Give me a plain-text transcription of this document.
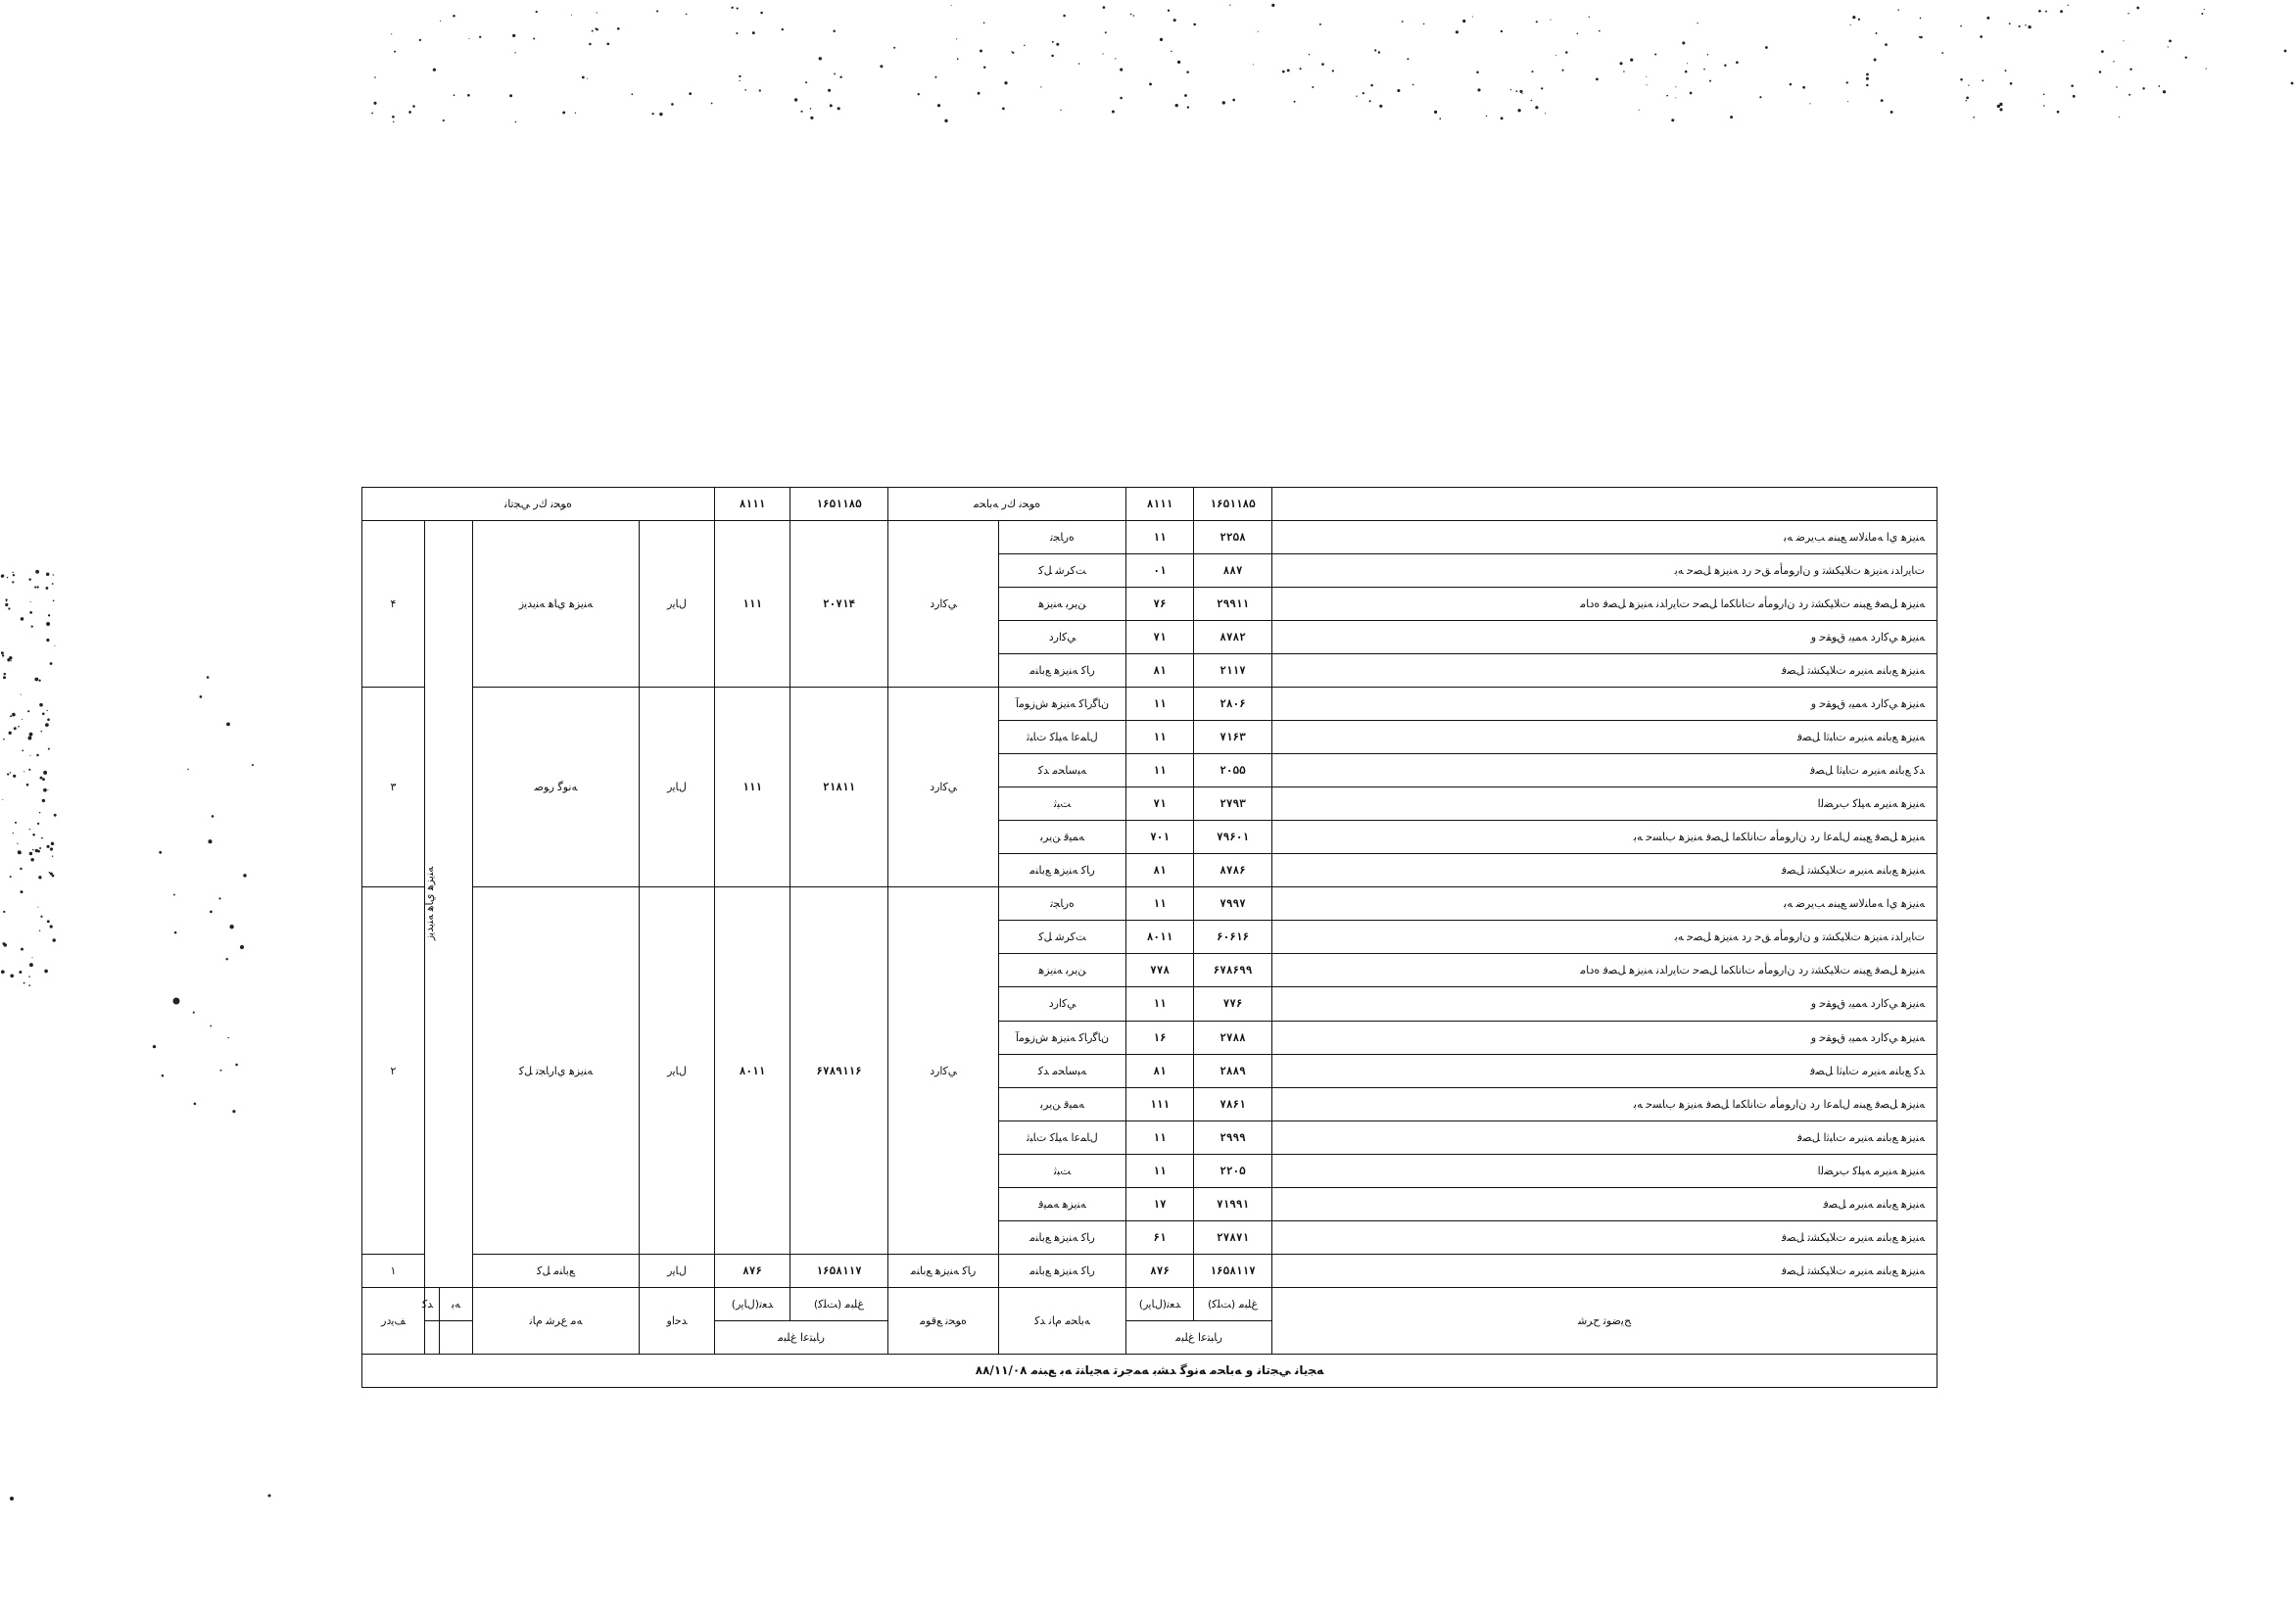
	۱۶۵۱۱۸۵	۸۱۱۱	ﻩﻮﺤﻧ ﻙﺭ ﻪﺑﺎﺤﻣ		۱۶۵۱۱۸۵	۸۱۱۱	ﻩﻮﺤﻧ ﻙﺭ ﻲﺠﺗﺎﻧ				
ﻪﻨﯾﺰﻫ ﻱﺍ ﻪﻣﺎﻨﻟﺎﺳ ﻊﺒﻨﻣ ﺐﯾﺮﺿ ﻪﺑ	۲۲۵۸	۱۱	ﻩﺭﺎﺠﺗ	ﻲﻛﺍﺭﺩ	۲۰۷۱۴	۱۱۱	ﻝﺎﯾﺭ	ﻪﻨﯾﺰﻫ ﻱﺎﻫ ﻪﻨﯾﺪﻳﺯ	ﻪﻨﯾﺰﻫ ﻱﺎﻫ ﻪﻨﯾﺪﻳﺯ		۴
ﺕﺎﯾﺭﺍﺪﻧ ﻪﻨﯾﺰﻫ ﺕﻼﯿﻜﺸﺗ ﻭ ﻥﺍﺭﻮﻣﺄﻣ ﻖﺣ ﺭﺩ ﻪﻨﯾﺰﻫ ﻞﺼﺣ ﻪﺑ	۸۸۷	۰۱	ﺖﻛﺮﺷ ﻞﻛ								
ﻪﻨﯾﺰﻫ ﻞﺼﻓ ﻊﺒﻨﻣ ﺕﻼﯿﻜﺸﺗ ﺭﺩ ﻥﺍﺭﻮﻣﺄﻣ ﺕﺎﻧﺎﻜﻣﺍ ﻞﺼﺣ ﺕﺎﯾﺭﺍﺪﻧ ﻪﻨﯾﺰﻫ ﻞﺼﻓ ﻩﺩﺎﻣ	۲۹۹۱۱	۷۶	ﻦﯾﺮﺑ ﻪﻨﯾﺰﻫ								
ﻪﻨﯾﺰﻫ ﻲﻛﺍﺭﺩ ﻪﻤﯿﺑ ﻕﻮﻘﺣ ﻭ	۸۷۸۲	۷۱	ﻲﻛﺍﺭﺩ								
ﻪﻨﯾﺰﻫ ﻊﺑﺎﻨﻣ ﻪﻨﯾﺮﻣ ﺕﻼﯿﻜﺸﺗ ﻞﺼﻓ	۲۱۱۷	۸۱	ﺭﺎﻛ ﻪﻨﯾﺰﻫ ﻊﺑﺎﻨﻣ								
ﻪﻨﯾﺰﻫ ﻲﻛﺍﺭﺩ ﻪﻤﯿﺑ ﻕﻮﻘﺣ ﻭ	۲۸۰۶	۱۱	ﻥﺎﮔﺭﺎﻛ ﻪﻨﯾﺰﻫ ﺵﺯﻮﻣﺁ	ﻲﻛﺍﺭﺩ	۲۱۸۱۱	۱۱۱	ﻝﺎﯾﺭ	ﻪﻧﻮﮔ ﺭﻮﺻ			۳
ﻪﻨﯾﺰﻫ ﻊﺑﺎﻨﻣ ﻪﻨﯾﺮﻣ ﺕﺎﺒﺛﺍ ﻞﺼﻓ	۷۱۶۳	۱۱	ﻝﺎﻤﻋﺍ ﻪﯿﻠﻛ ﺕﺎﺒﺛ								
ﺪﻛ ﻊﺑﺎﻨﻣ ﻪﻨﯾﺮﻣ ﺕﺎﺒﺛﺍ ﻞﺼﻓ	۲۰۵۵	۱۱	ﻪﺒﺳﺎﺤﻣ ﺪﻛ								
ﻪﻨﯾﺰﻫ ﻪﻨﯾﺮﻣ ﻪﯿﻠﻛ ﺏﺮﻀﻟﺍ	۲۷۹۳	۷۱	ﺖﺒﺛ								
ﻪﻨﯾﺰﻫ ﻞﺼﻓ ﻊﺒﻨﻣ ﻝﺎﻤﻋﺍ ﺭﺩ ﻥﺍﺭﻮﻣﺄﻣ ﺕﺎﻧﺎﻜﻣﺍ ﻞﺼﻓ ﻪﻨﯾﺰﻫ ﺏﺎﺴﺣ ﻪﺑ	۷۹۶۰۱	۷۰۱	ﻪﻤﯿﻗ ﻦﯾﺮﺑ								
ﻪﻨﯾﺰﻫ ﻊﺑﺎﻨﻣ ﻪﻨﯾﺮﻣ ﺕﻼﯿﻜﺸﺗ ﻞﺼﻓ	۸۷۸۶	۸۱	ﺭﺎﻛ ﻪﻨﯾﺰﻫ ﻊﺑﺎﻨﻣ								
ﻪﻨﯾﺰﻫ ﻱﺍ ﻪﻣﺎﻨﻟﺎﺳ ﻊﺒﻨﻣ ﺐﯾﺮﺿ ﻪﺑ	۷۹۹۷	۱۱	ﻩﺭﺎﺠﺗ	ﻲﻛﺍﺭﺩ	۶۷۸۹۱۱۶	۸۰۱۱	ﻝﺎﯾﺭ	ﻪﻨﯾﺰﻫ ﻱﺍﺭﺎﺠﺗ ﻞﻛ			۲
ﺕﺎﯾﺭﺍﺪﻧ ﻪﻨﯾﺰﻫ ﺕﻼﯿﻜﺸﺗ ﻭ ﻥﺍﺭﻮﻣﺄﻣ ﻖﺣ ﺭﺩ ﻪﻨﯾﺰﻫ ﻞﺼﺣ ﻪﺑ	۶۰۶۱۶	۸۰۱۱	ﺖﻛﺮﺷ ﻞﻛ								
ﻪﻨﯾﺰﻫ ﻞﺼﻓ ﻊﺒﻨﻣ ﺕﻼﯿﻜﺸﺗ ﺭﺩ ﻥﺍﺭﻮﻣﺄﻣ ﺕﺎﻧﺎﻜﻣﺍ ﻞﺼﺣ ﺕﺎﯾﺭﺍﺪﻧ ﻪﻨﯾﺰﻫ ﻞﺼﻓ ﻩﺩﺎﻣ	۶۷۸۶۹۹	۷۷۸	ﻦﯾﺮﺑ ﻪﻨﯾﺰﻫ								
ﻪﻨﯾﺰﻫ ﻲﻛﺍﺭﺩ ﻪﻤﯿﺑ ﻕﻮﻘﺣ ﻭ	۷۷۶	۱۱	ﻲﻛﺍﺭﺩ								
ﻪﻨﯾﺰﻫ ﻲﻛﺍﺭﺩ ﻪﻤﯿﺑ ﻕﻮﻘﺣ ﻭ	۲۷۸۸	۱۶	ﻥﺎﮔﺭﺎﻛ ﻪﻨﯾﺰﻫ ﺵﺯﻮﻣﺁ								
ﺪﻛ ﻊﺑﺎﻨﻣ ﻪﻨﯾﺮﻣ ﺕﺎﺒﺛﺍ ﻞﺼﻓ	۲۸۸۹	۸۱	ﻪﺒﺳﺎﺤﻣ ﺪﻛ								
ﻪﻨﯾﺰﻫ ﻞﺼﻓ ﻊﺒﻨﻣ ﻝﺎﻤﻋﺍ ﺭﺩ ﻥﺍﺭﻮﻣﺄﻣ ﺕﺎﻧﺎﻜﻣﺍ ﻞﺼﻓ ﻪﻨﯾﺰﻫ ﺏﺎﺴﺣ ﻪﺑ	۷۸۶۱	۱۱۱	ﻪﻤﯿﻗ ﻦﯾﺮﺑ								
ﻪﻨﯾﺰﻫ ﻊﺑﺎﻨﻣ ﻪﻨﯾﺮﻣ ﺕﺎﺒﺛﺍ ﻞﺼﻓ	۲۹۹۹	۱۱	ﻝﺎﻤﻋﺍ ﻪﯿﻠﻛ ﺕﺎﺒﺛ								
ﻪﻨﯾﺰﻫ ﻪﻨﯾﺮﻣ ﻪﯿﻠﻛ ﺏﺮﻀﻟﺍ	۲۲۰۵	۱۱	ﺖﺒﺛ								
ﻪﻨﯾﺰﻫ ﻊﺑﺎﻨﻣ ﻪﻨﯾﺮﻣ ﻞﺼﻓ	۷۱۹۹۱	۱۷	ﻪﻨﯾﺰﻫ ﻪﻤﯿﻗ								
ﻪﻨﯾﺰﻫ ﻊﺑﺎﻨﻣ ﻪﻨﯾﺮﻣ ﺕﻼﯿﻜﺸﺗ ﻞﺼﻓ	۲۷۸۷۱	۶۱	ﺭﺎﻛ ﻪﻨﯾﺰﻫ ﻊﺑﺎﻨﻣ								
ﻪﻨﯾﺰﻫ ﻊﺑﺎﻨﻣ ﻪﻨﯾﺮﻣ ﺕﻼﯿﻜﺸﺗ ﻞﺼﻓ	۱۶۵۸۱۱۷	۸۷۶	ﺭﺎﻛ ﻪﻨﯾﺰﻫ ﻊﺑﺎﻨﻣ	ﺭﺎﻛ ﻪﻨﯾﺰﻫ ﻊﺑﺎﻨﻣ	۱۶۵۸۱۱۷	۸۷۶	ﻝﺎﯾﺭ	ﻊﺑﺎﻨﻣ ﻞﻛ			۱
ﺢﯾﺿﻮﺗ ﺡﺮﺷ	ﻍﻠﺒﻣ (ﺖﻠﻛ)	ﺪﻌﺗ(ﻝﺎﯾﺭ)	ﻪﺑﺎﺤﻣ ﻡﺎﻧ ﺪﻛ	ﻩﻮﺤﻧ ﻊﻗﻮﻣ	ﻍﻠﺒﻣ (ﺖﻠﻛ)	ﺪﻌﺗ(ﻝﺎﯾﺭ)	ﺪﺣﺍﻭ	ﻪﻣ ﻉﺮﺷ ﻡﺎﻧ	ﻪﺑ	ﺪﻛ	ﻒﯾﺩﺭ
	ﺭﺎﺒﺘﻋﺍ ﻍﻠﺒﻣ				ﺭﺎﺒﺘﻋﺍ ﻍﻠﺒﻣ						
ﻪﺠﯾﺎﻧ ﻲﺠﺗﺎﻧ ﻭ ﻪﺑﺎﺤﻣ ﻪﻧﻮﮔ ﺪﺸﺑ ﻪﻤﺟﺮﺗ ﻪﺠﯾﺎﻨﺗ ﻪﺑ ﻊﺒﻨﻣ ۸۸/۱۱/۰۸											
